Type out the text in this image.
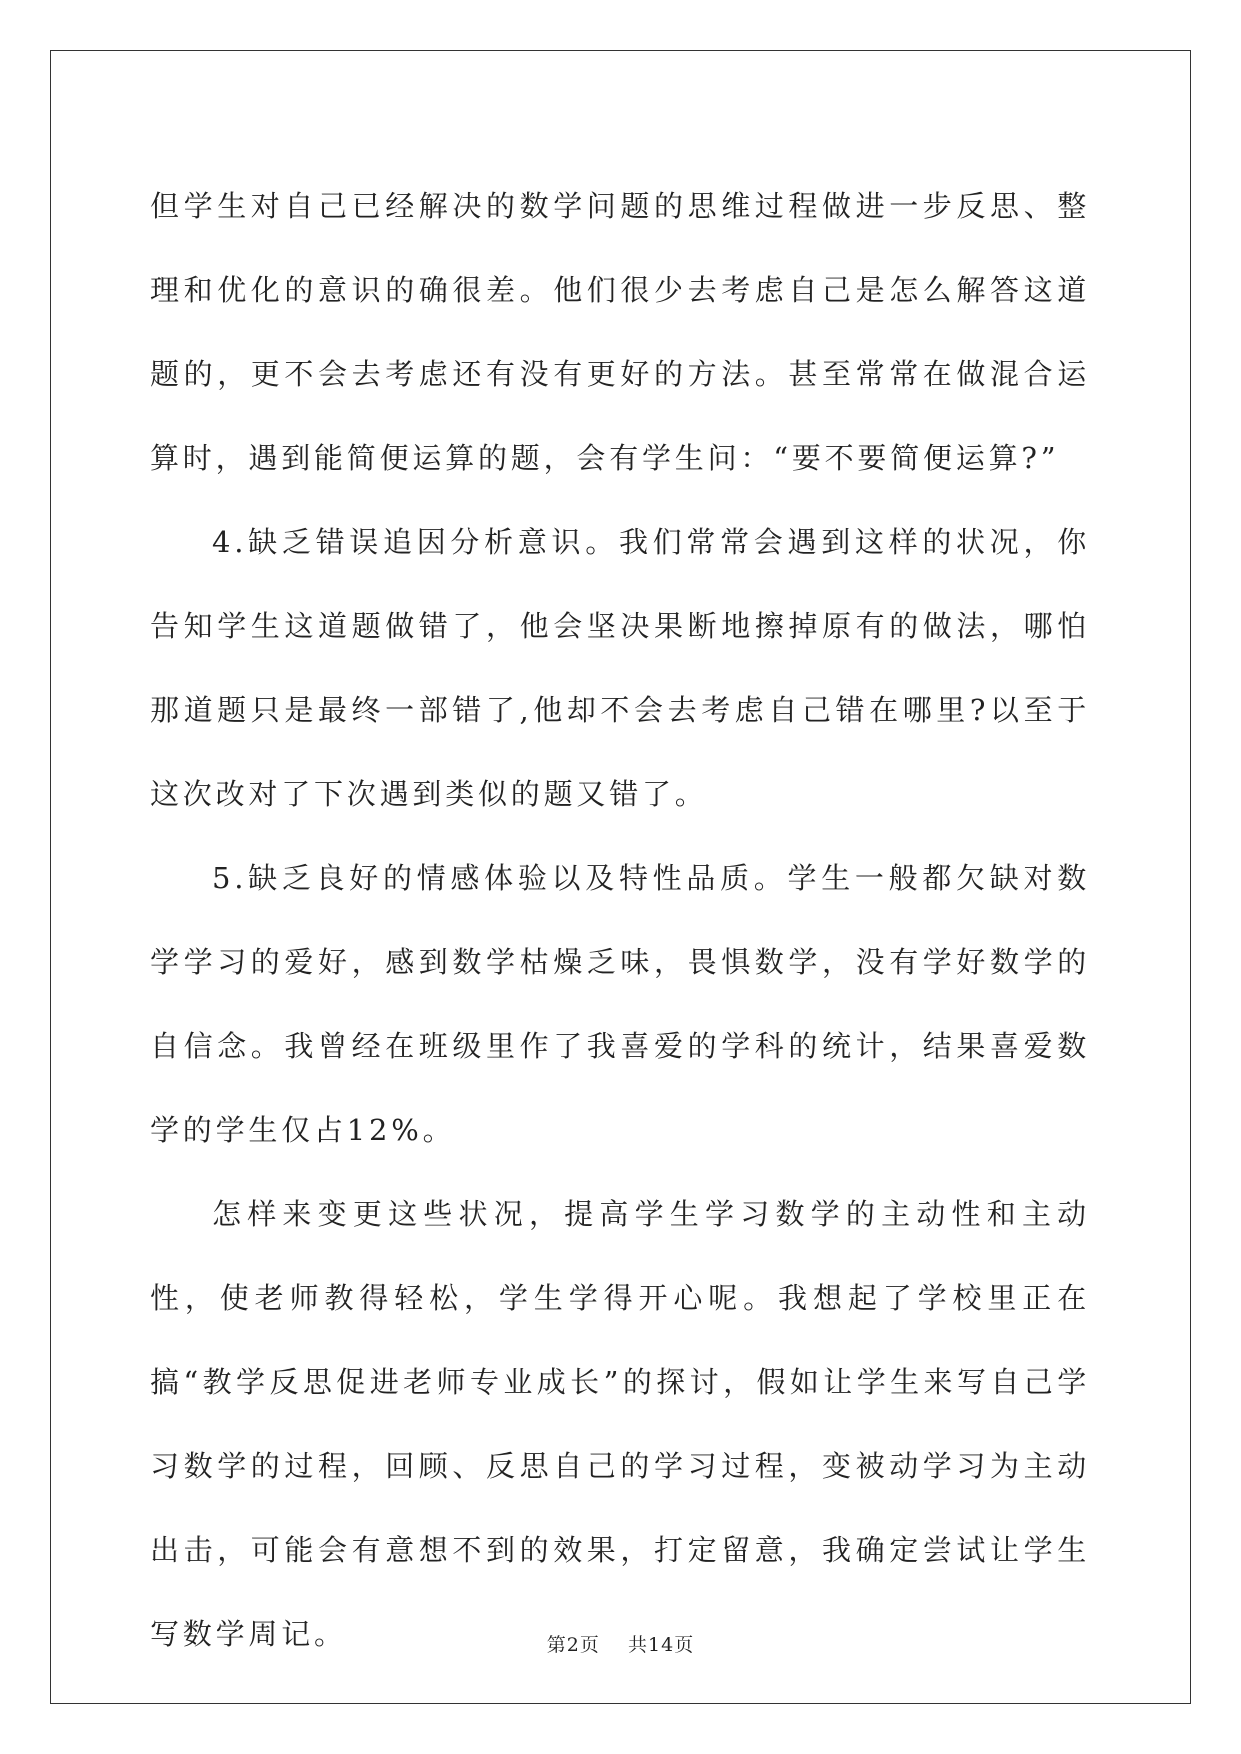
但学生对自己已经解决的数学问题的思维过程做进一步反思、整理和优化的意识的确很差。他们很少去考虑自己是怎么解答这道题的，更不会去考虑还有没有更好的方法。甚至常常在做混合运算时，遇到能简便运算的题，会有学生问：“要不要简便运算?”

4.缺乏错误追因分析意识。我们常常会遇到这样的状况，你告知学生这道题做错了，他会坚决果断地擦掉原有的做法，哪怕那道题只是最终一部错了,他却不会去考虑自己错在哪里?以至于这次改对了下次遇到类似的题又错了。

5.缺乏良好的情感体验以及特性品质。学生一般都欠缺对数学学习的爱好，感到数学枯燥乏味，畏惧数学，没有学好数学的自信念。我曾经在班级里作了我喜爱的学科的统计，结果喜爱数学的学生仅占12%。

怎样来变更这些状况，提高学生学习数学的主动性和主动性，使老师教得轻松，学生学得开心呢。我想起了学校里正在搞“教学反思促进老师专业成长”的探讨，假如让学生来写自己学习数学的过程，回顾、反思自己的学习过程，变被动学习为主动出击，可能会有意想不到的效果，打定留意，我确定尝试让学生写数学周记。	第2页 共14页
